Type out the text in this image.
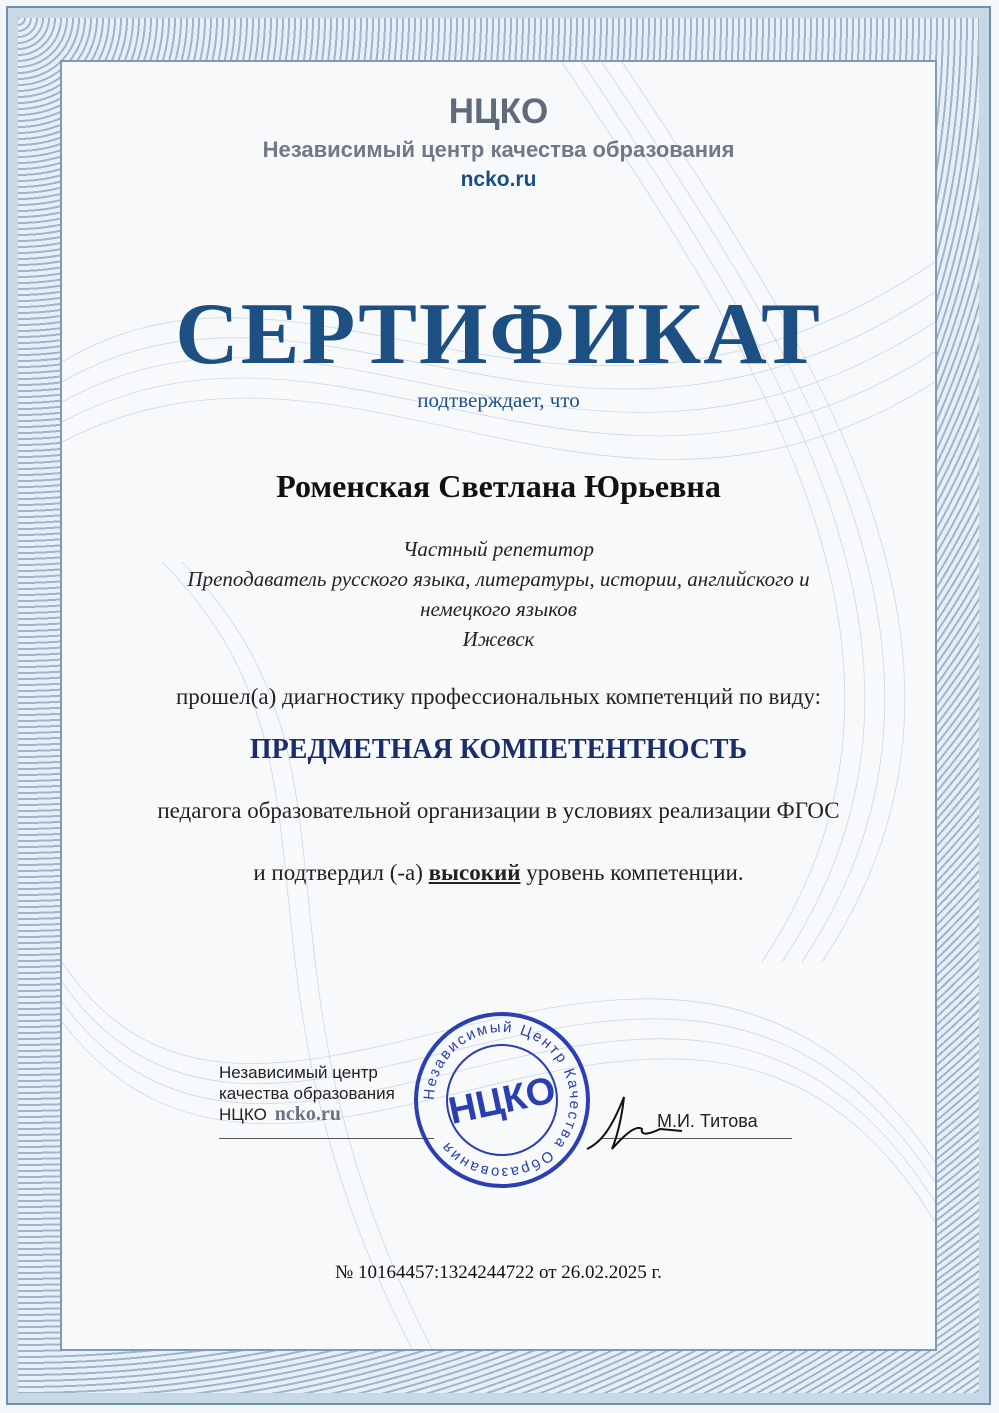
НЦКО
Независимый центр качества образования
ncko.ru
СЕРТИФИКАТ
подтверждает, что
Роменская Светлана Юрьевна
Частный репетитор
Преподаватель русского языка, литературы, истории, английского и
немецкого языков
Ижевск
прошел(а) диагностику профессиональных компетенций по виду:
ПРЕДМЕТНАЯ КОМПЕТЕНТНОСТЬ
педагога образовательной организации в условиях реализации ФГОС
и подтвердил (-а) высокий уровень компетенции.
Независимый центр
качества образования
НЦКО ncko.ru	М.И. Титова
Независимый Центр Качества Образования
НЦКО
№ 10164457:1324244722 от 26.02.2025 г.
